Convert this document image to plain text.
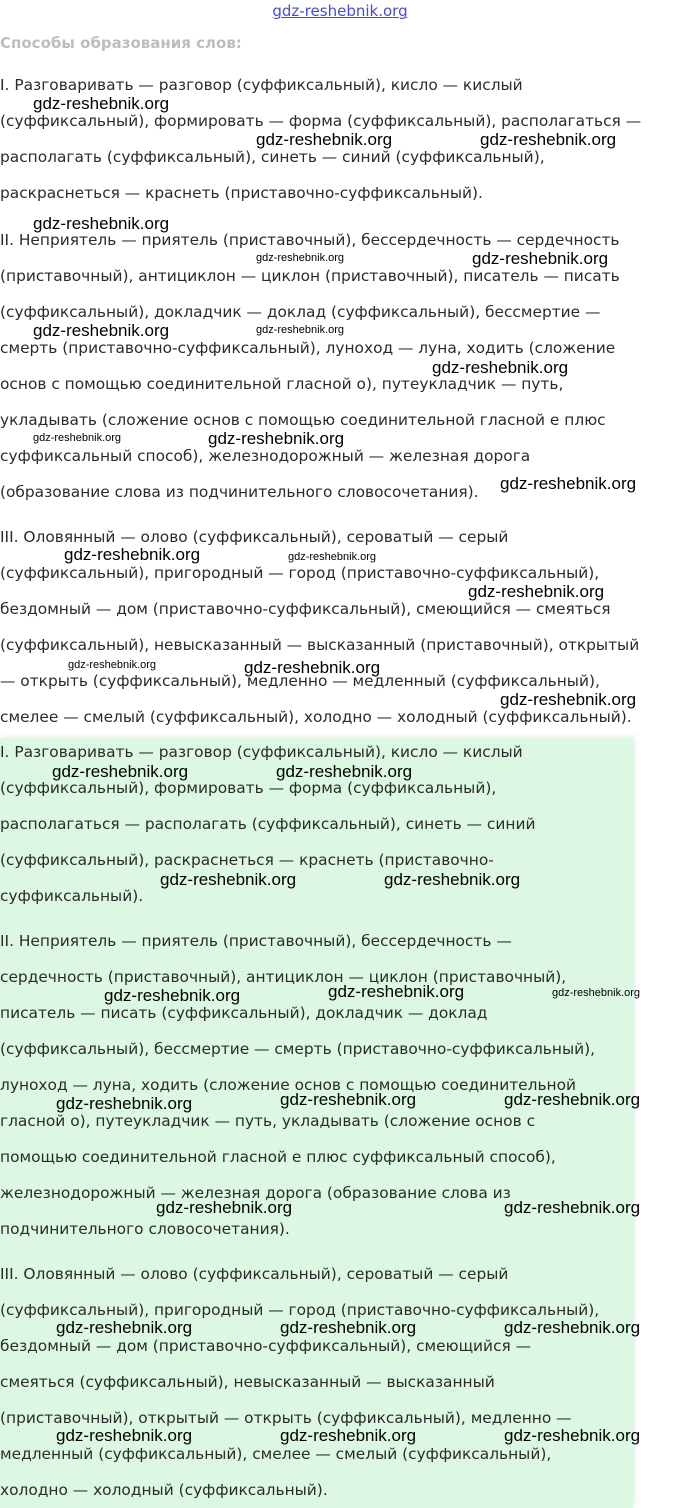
gdz-reshebnik.org
Способы образования слов:
I. Разговаривать — разговор (суффиксальный), кисло — кислый
(суффиксальный), формировать — форма (суффиксальный), располагаться —
располагать (суффиксальный), синеть — синий (суффиксальный),
раскраснеться — краснеть (приставочно-суффиксальный).
II. Неприятель — приятель (приставочный), бессердечность — сердечность
(приставочный), антициклон — циклон (приставочный), писатель — писать
(суффиксальный), докладчик — доклад (суффиксальный), бессмертие —
смерть (приставочно-суффиксальный), луноход — луна, ходить (сложение
основ с помощью соединительной гласной о), путеукладчик — путь,
укладывать (сложение основ с помощью соединительной гласной е плюс
суффиксальный способ), железнодорожный — железная дорога
(образование слова из подчинительного словосочетания).
III. Оловянный — олово (суффиксальный), сероватый — серый
(суффиксальный), пригородный — город (приставочно-суффиксальный),
бездомный — дом (приставочно-суффиксальный), смеющийся — смеяться
(суффиксальный), невысказанный — высказанный (приставочный), открытый
— открыть (суффиксальный), медленно — медленный (суффиксальный),
смелее — смелый (суффиксальный), холодно — холодный (суффиксальный).
I. Разговаривать — разговор (суффиксальный), кисло — кислый
(суффиксальный), формировать — форма (суффиксальный),
располагаться — располагать (суффиксальный), синеть — синий
(суффиксальный), раскраснеться — краснеть (приставочно-
суффиксальный).
II. Неприятель — приятель (приставочный), бессердечность —
сердечность (приставочный), антициклон — циклон (приставочный),
писатель — писать (суффиксальный), докладчик — доклад
(суффиксальный), бессмертие — смерть (приставочно-суффиксальный),
луноход — луна, ходить (сложение основ с помощью соединительной
гласной о), путеукладчик — путь, укладывать (сложение основ с
помощью соединительной гласной е плюс суффиксальный способ),
железнодорожный — железная дорога (образование слова из
подчинительного словосочетания).
III. Оловянный — олово (суффиксальный), сероватый — серый
(суффиксальный), пригородный — город (приставочно-суффиксальный),
бездомный — дом (приставочно-суффиксальный), смеющийся —
смеяться (суффиксальный), невысказанный — высказанный
(приставочный), открытый — открыть (суффиксальный), медленно —
медленный (суффиксальный), смелее — смелый (суффиксальный),
холодно — холодный (суффиксальный).
gdz-reshebnik.org
gdz-reshebnik.org	gdz-reshebnik.org
gdz-reshebnik.org
gdz-reshebnik.org	gdz-reshebnik.org
gdz-reshebnik.org	gdz-reshebnik.org
gdz-reshebnik.org
gdz-reshebnik.org	gdz-reshebnik.org
gdz-reshebnik.org
gdz-reshebnik.org	gdz-reshebnik.org
gdz-reshebnik.org
gdz-reshebnik.org	gdz-reshebnik.org
gdz-reshebnik.org
gdz-reshebnik.org	gdz-reshebnik.org
gdz-reshebnik.org	gdz-reshebnik.org
gdz-reshebnik.org	gdz-reshebnik.org	gdz-reshebnik.org
gdz-reshebnik.org	gdz-reshebnik.org	gdz-reshebnik.org
gdz-reshebnik.org	gdz-reshebnik.org
gdz-reshebnik.org	gdz-reshebnik.org	gdz-reshebnik.org
gdz-reshebnik.org	gdz-reshebnik.org	gdz-reshebnik.org
